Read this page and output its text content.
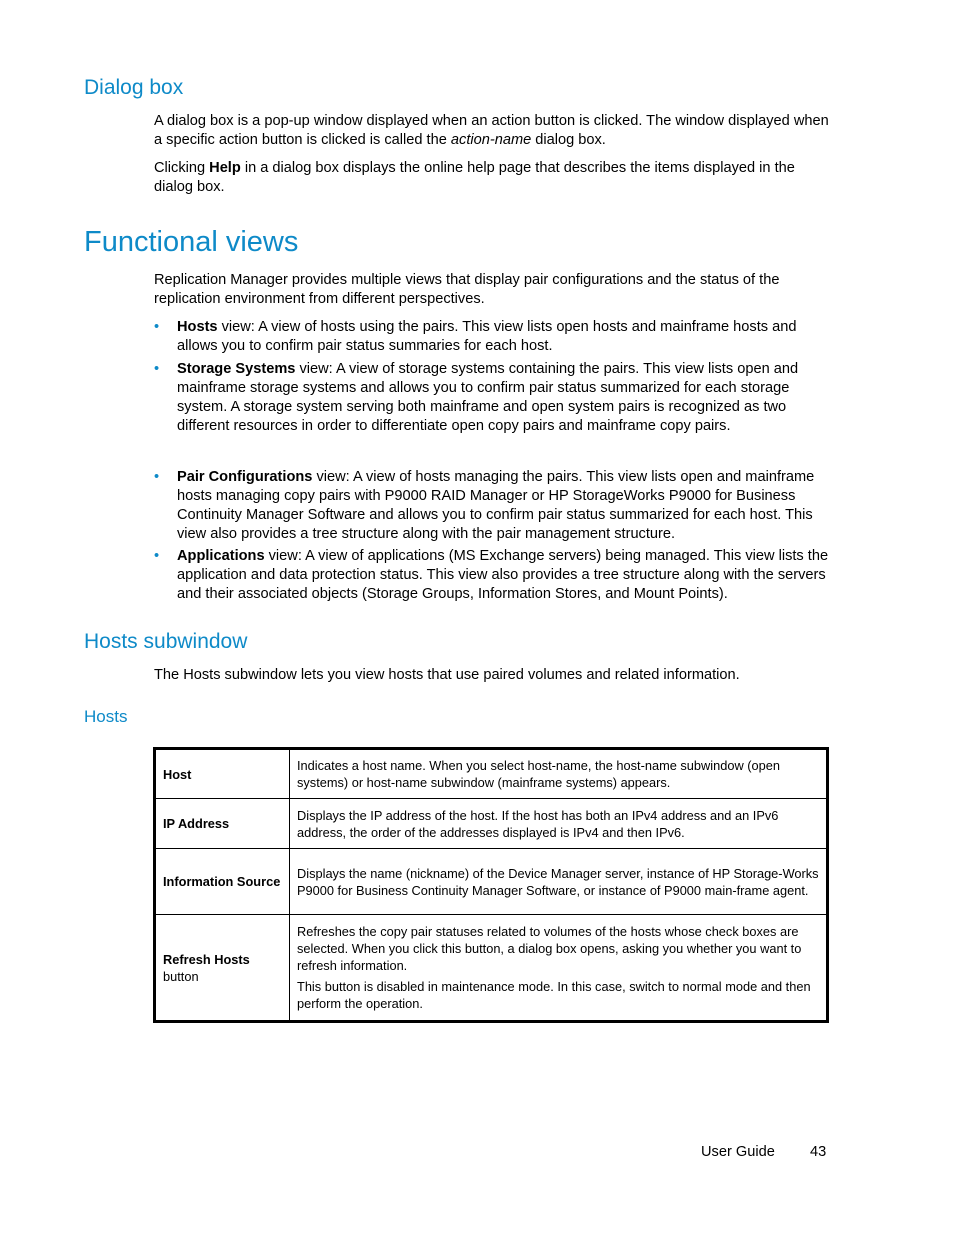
Dialog box

A dialog box is a pop-up window displayed when an action button is clicked. The window displayed when a specific action button is clicked is called the action-name dialog box.

Clicking Help in a dialog box displays the online help page that describes the items displayed in the dialog box.

Functional views

Replication Manager provides multiple views that display pair configurations and the status of the replication environment from different perspectives.

• Hosts view: A view of hosts using the pairs. This view lists open hosts and mainframe hosts and allows you to confirm pair status summaries for each host.
• Storage Systems view: A view of storage systems containing the pairs. This view lists open and mainframe storage systems and allows you to confirm pair status summarized for each storage system. A storage system serving both mainframe and open system pairs is recognized as two different resources in order to differentiate open copy pairs and mainframe copy pairs.
• Pair Configurations view: A view of hosts managing the pairs. This view lists open and mainframe hosts managing copy pairs with P9000 RAID Manager or HP StorageWorks P9000 for Business Continuity Manager Software and allows you to confirm pair status summarized for each host. This view also provides a tree structure along with the pair management structure.
• Applications view: A view of applications (MS Exchange servers) being managed. This view lists the application and data protection status. This view also provides a tree structure along with the servers and their associated objects (Storage Groups, Information Stores, and Mount Points).
Hosts subwindow

The Hosts subwindow lets you view hosts that use paired volumes and related information.

Hosts
Host	Indicates a host name. When you select host-name, the host-name subwindow (open systems) or host-name subwindow (mainframe systems) appears.
IP Address	Displays the IP address of the host. If the host has both an IPv4 address and an IPv6 address, the order of the addresses displayed is IPv4 and then IPv6.
Information Source	Displays the name (nickname) of the Device Manager server, instance of HP Storage-Works P9000 for Business Continuity Manager Software, or instance of P9000 main-frame agent.
Refresh Hosts button	Refreshes the copy pair statuses related to volumes of the hosts whose check boxes are selected. When you click this button, a dialog box opens, asking you whether you want to refresh information.

This button is disabled in maintenance mode. In this case, switch to normal mode and then perform the operation.

User Guide 43
